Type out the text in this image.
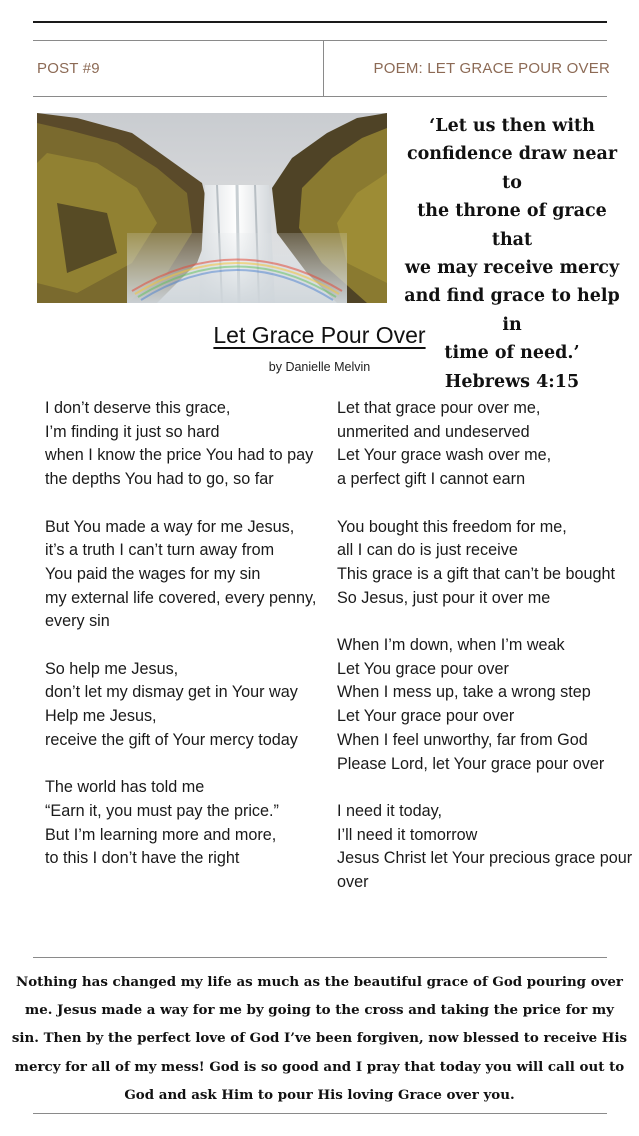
POST #9	POEM: LET GRACE POUR OVER
‘Let us then with
confidence draw near to
the throne of grace that
we may receive mercy
and find grace to help in
time of need.’
Hebrews 4:15
Let Grace Pour Over
by Danielle Melvin
I don’t deserve this grace,
I’m finding it just so hard
when I know the price You had to pay
the depths You had to go, so far
But You made a way for me Jesus,
it’s a truth I can’t turn away from
You paid the wages for my sin
my external life covered, every penny, every sin
So help me Jesus,
don’t let my dismay get in Your way
Help me Jesus,
receive the gift of Your mercy today
The world has told me
“Earn it, you must pay the price.”
But I’m learning more and more,
to this I don’t have the right
Let that grace pour over me,
unmerited and undeserved
Let Your grace wash over me,
a perfect gift I cannot earn
You bought this freedom for me,
all I can do is just receive
This grace is a gift that can’t be bought
So Jesus, just pour it over me
When I’m down, when I’m weak
Let You grace pour over
When I mess up, take a wrong step
Let Your grace pour over
When I feel unworthy, far from God
Please Lord, let Your grace pour over
I need it today,
I’ll need it tomorrow
Jesus Christ let Your precious grace pour over
Nothing has changed my life as much as the beautiful grace of God pouring over me. Jesus made a way for me by going to the cross and taking the price for my sin. Then by the perfect love of God I’ve been forgiven, now blessed to receive His mercy for all of my mess! God is so good and I pray that today you will call out to God and ask Him to pour His loving Grace over you.
